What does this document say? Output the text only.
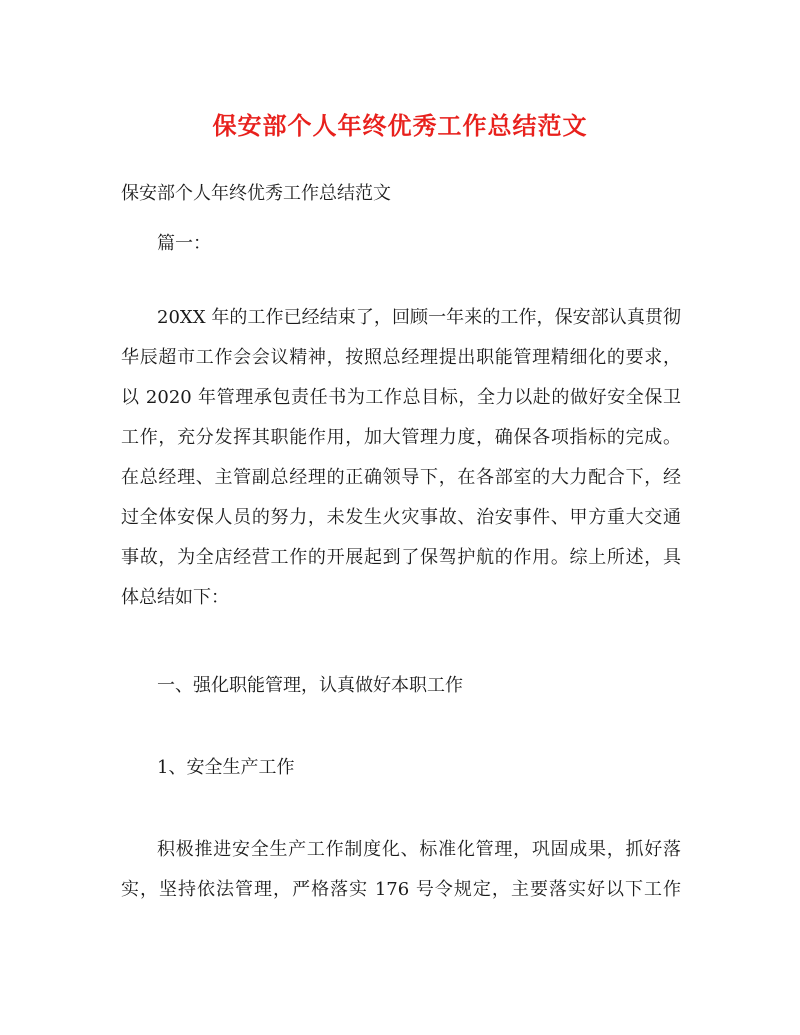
保安部个人年终优秀工作总结范文

保安部个人年终优秀工作总结范文

篇一：

20XX 年的工作已经结束了，回顾一年来的工作，保安部认真贯彻

华辰超市工作会会议精神，按照总经理提出职能管理精细化的要求，

以 2020 年管理承包责任书为工作总目标，全力以赴的做好安全保卫

工作，充分发挥其职能作用，加大管理力度，确保各项指标的完成。

在总经理、主管副总经理的正确领导下，在各部室的大力配合下，经

过全体安保人员的努力，未发生火灾事故、治安事件、甲方重大交通

事故，为全店经营工作的开展起到了保驾护航的作用。综上所述，具

体总结如下：

一、强化职能管理，认真做好本职工作

1、安全生产工作

积极推进安全生产工作制度化、标准化管理，巩固成果，抓好落

实，坚持依法管理，严格落实 176 号令规定，主要落实好以下工作
